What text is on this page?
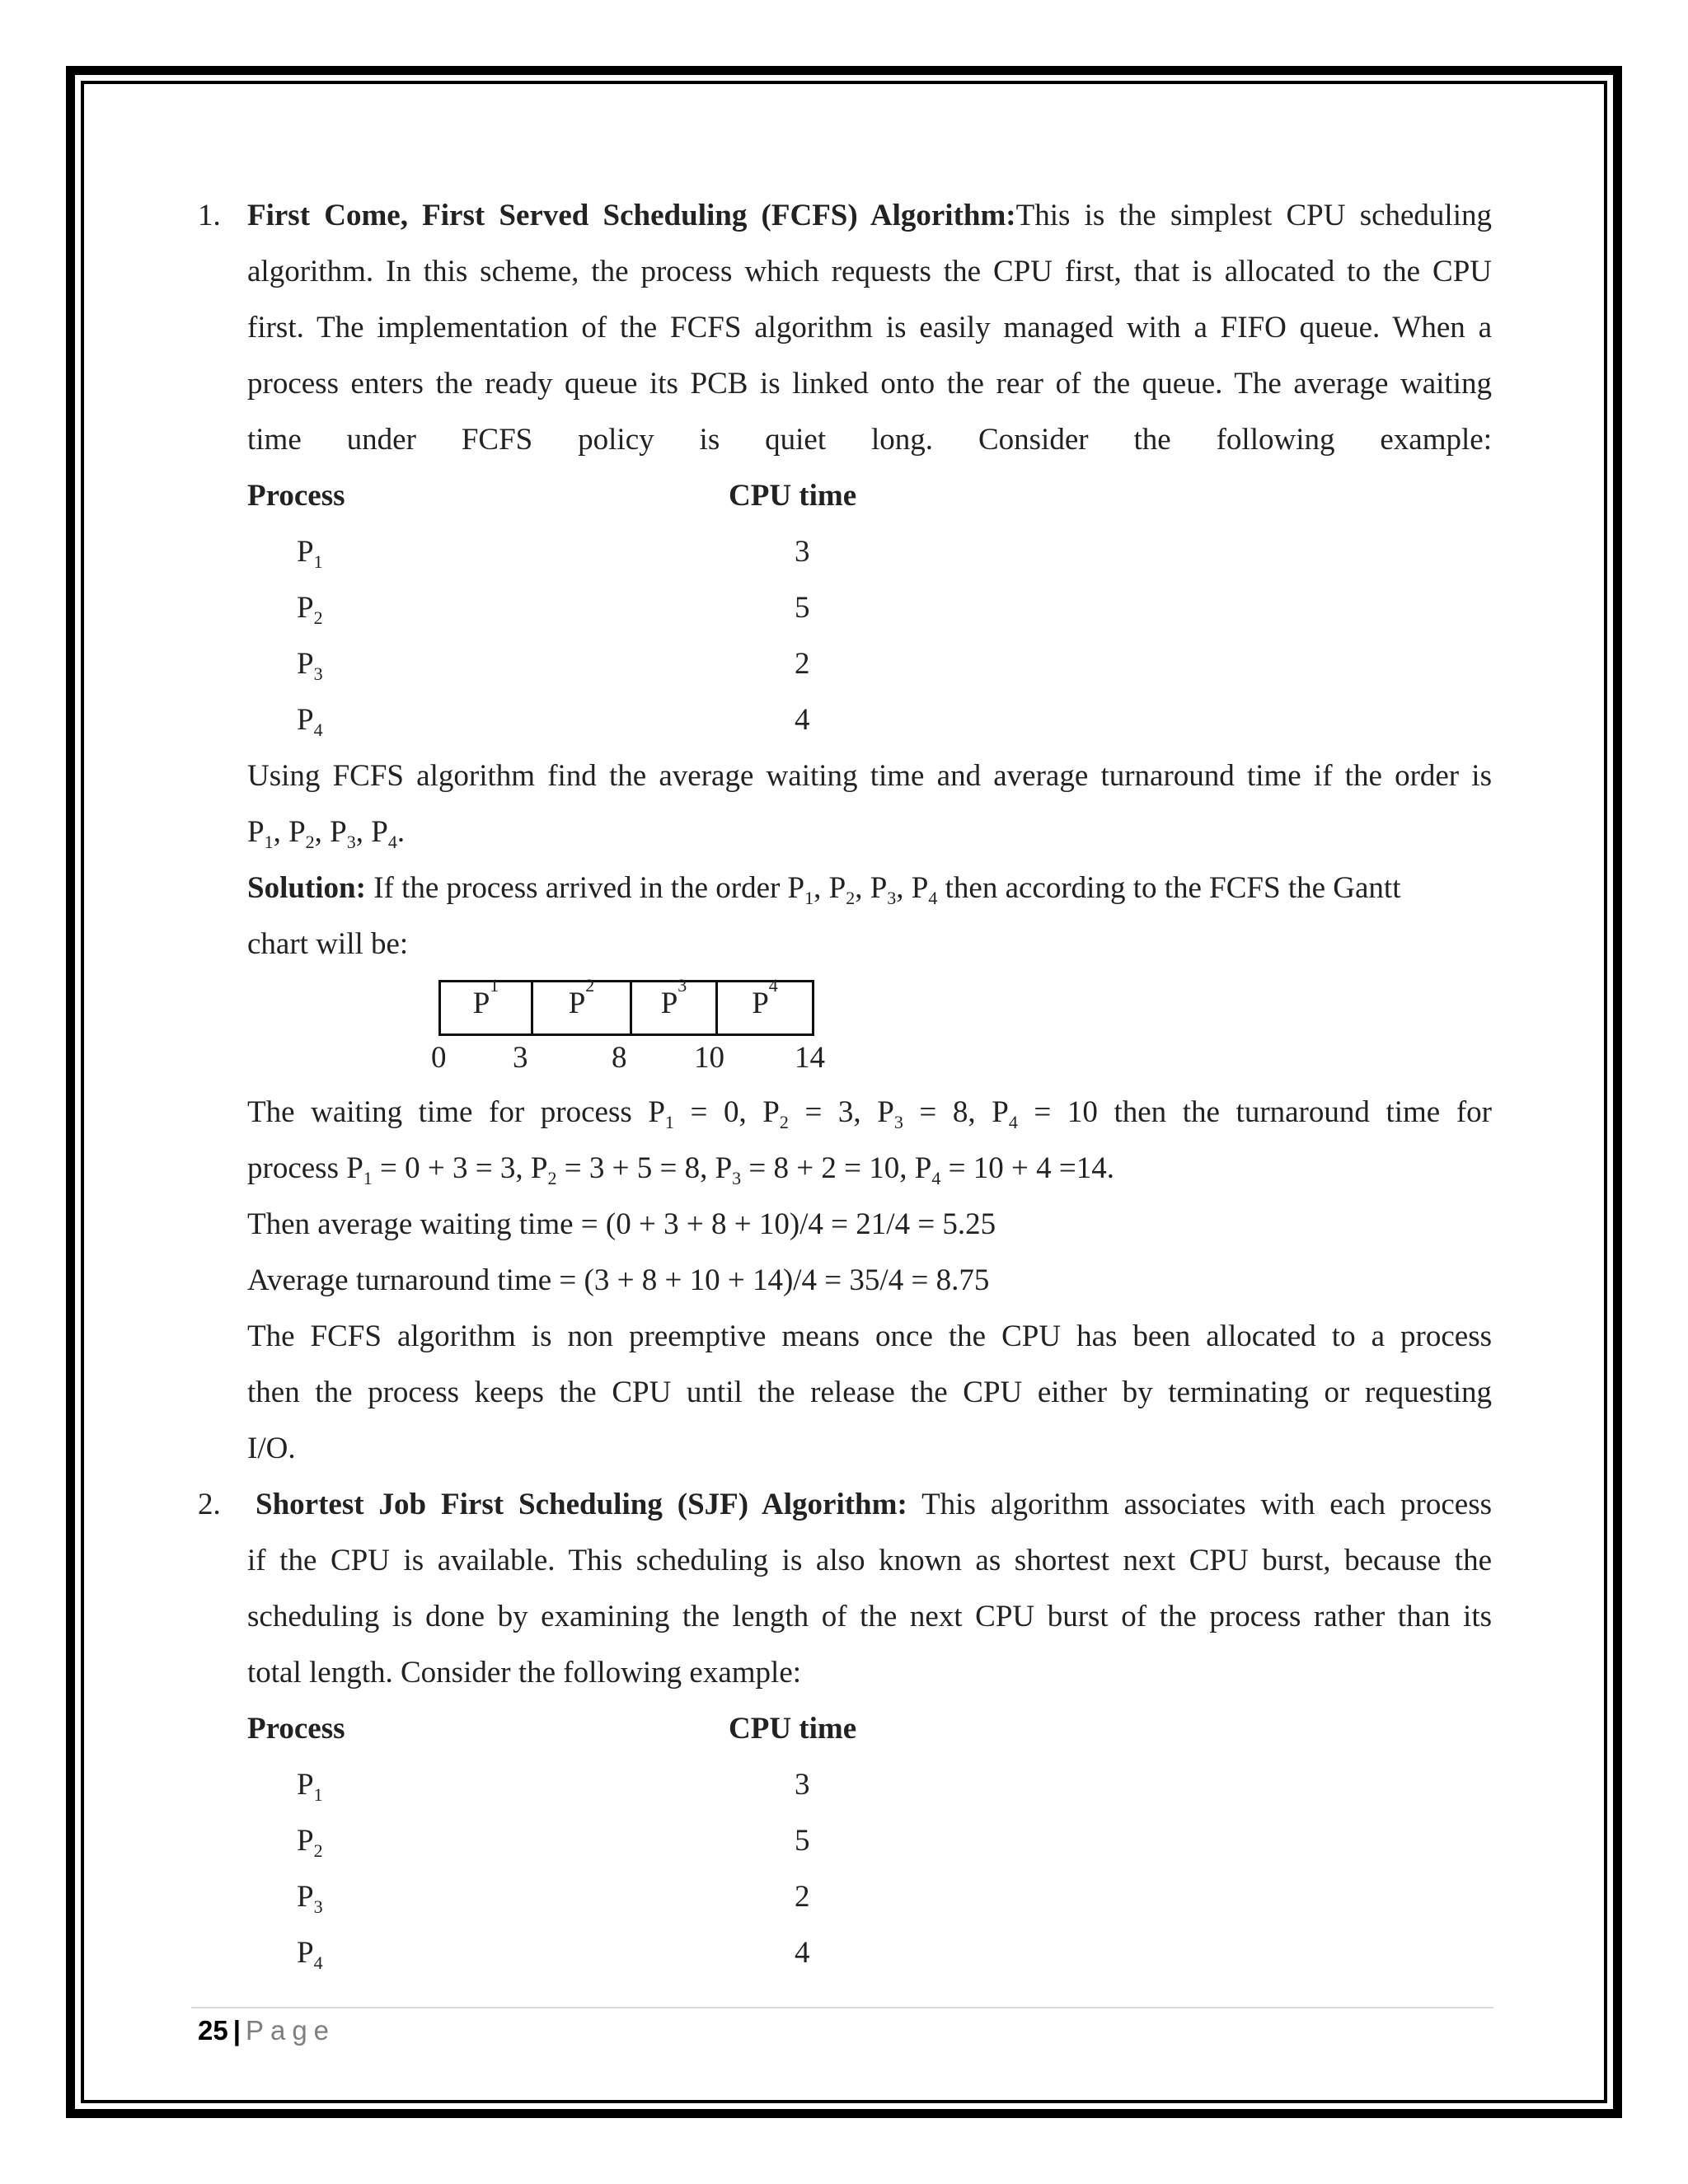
1. First Come, First Served Scheduling (FCFS) Algorithm:This is the simplest CPU scheduling
algorithm. In this scheme, the process which requests the CPU first, that is allocated to the CPU
first. The implementation of the FCFS algorithm is easily managed with a FIFO queue. When a
process enters the ready queue its PCB is linked onto the rear of the queue. The average waiting
time under FCFS policy is quiet long. Consider the following example:
Process	CPU time
$P_1$	3
$P_2$	5
$P_3$	2
$P_4$	4
Using FCFS algorithm find the average waiting time and average turnaround time if the order is
$P_1$, $P_2$, $P_3$, $P_4$.
Solution: If the process arrived in the order $P_1$, $P_2$, $P_3$, $P_4$ then according to the FCFS the Gantt
chart will be:
P
1
P
2
P
3
P
4
0 3	8 10 14
The waiting time for process $P_1 = 0$, $P_2 = 3$, $P_3 = 8$, $P_4 = 10$ then the turnaround time for
process $P_1 = 0 + 3 = 3$, $P_2 = 3 + 5 = 8$, $P_3 = 8 + 2 = 10$, $P_4 = 10 + 4 =14$.
Then average waiting time = (0 + 3 + 8 + 10)/4 = 21/4 = 5.25
Average turnaround time = (3 + 8 + 10 + 14)/4 = 35/4 = 8.75
The FCFS algorithm is non preemptive means once the CPU has been allocated to a process
then the process keeps the CPU until the release the CPU either by terminating or requesting
I/O.
2. Shortest Job First Scheduling (SJF) Algorithm: This algorithm associates with each process
if the CPU is available. This scheduling is also known as shortest next CPU burst, because the
scheduling is done by examining the length of the next CPU burst of the process rather than its
total length. Consider the following example:
Process	CPU time
$P_1$	3
$P_2$	5
$P_3$	2
$P_4$	4
25 | Page
